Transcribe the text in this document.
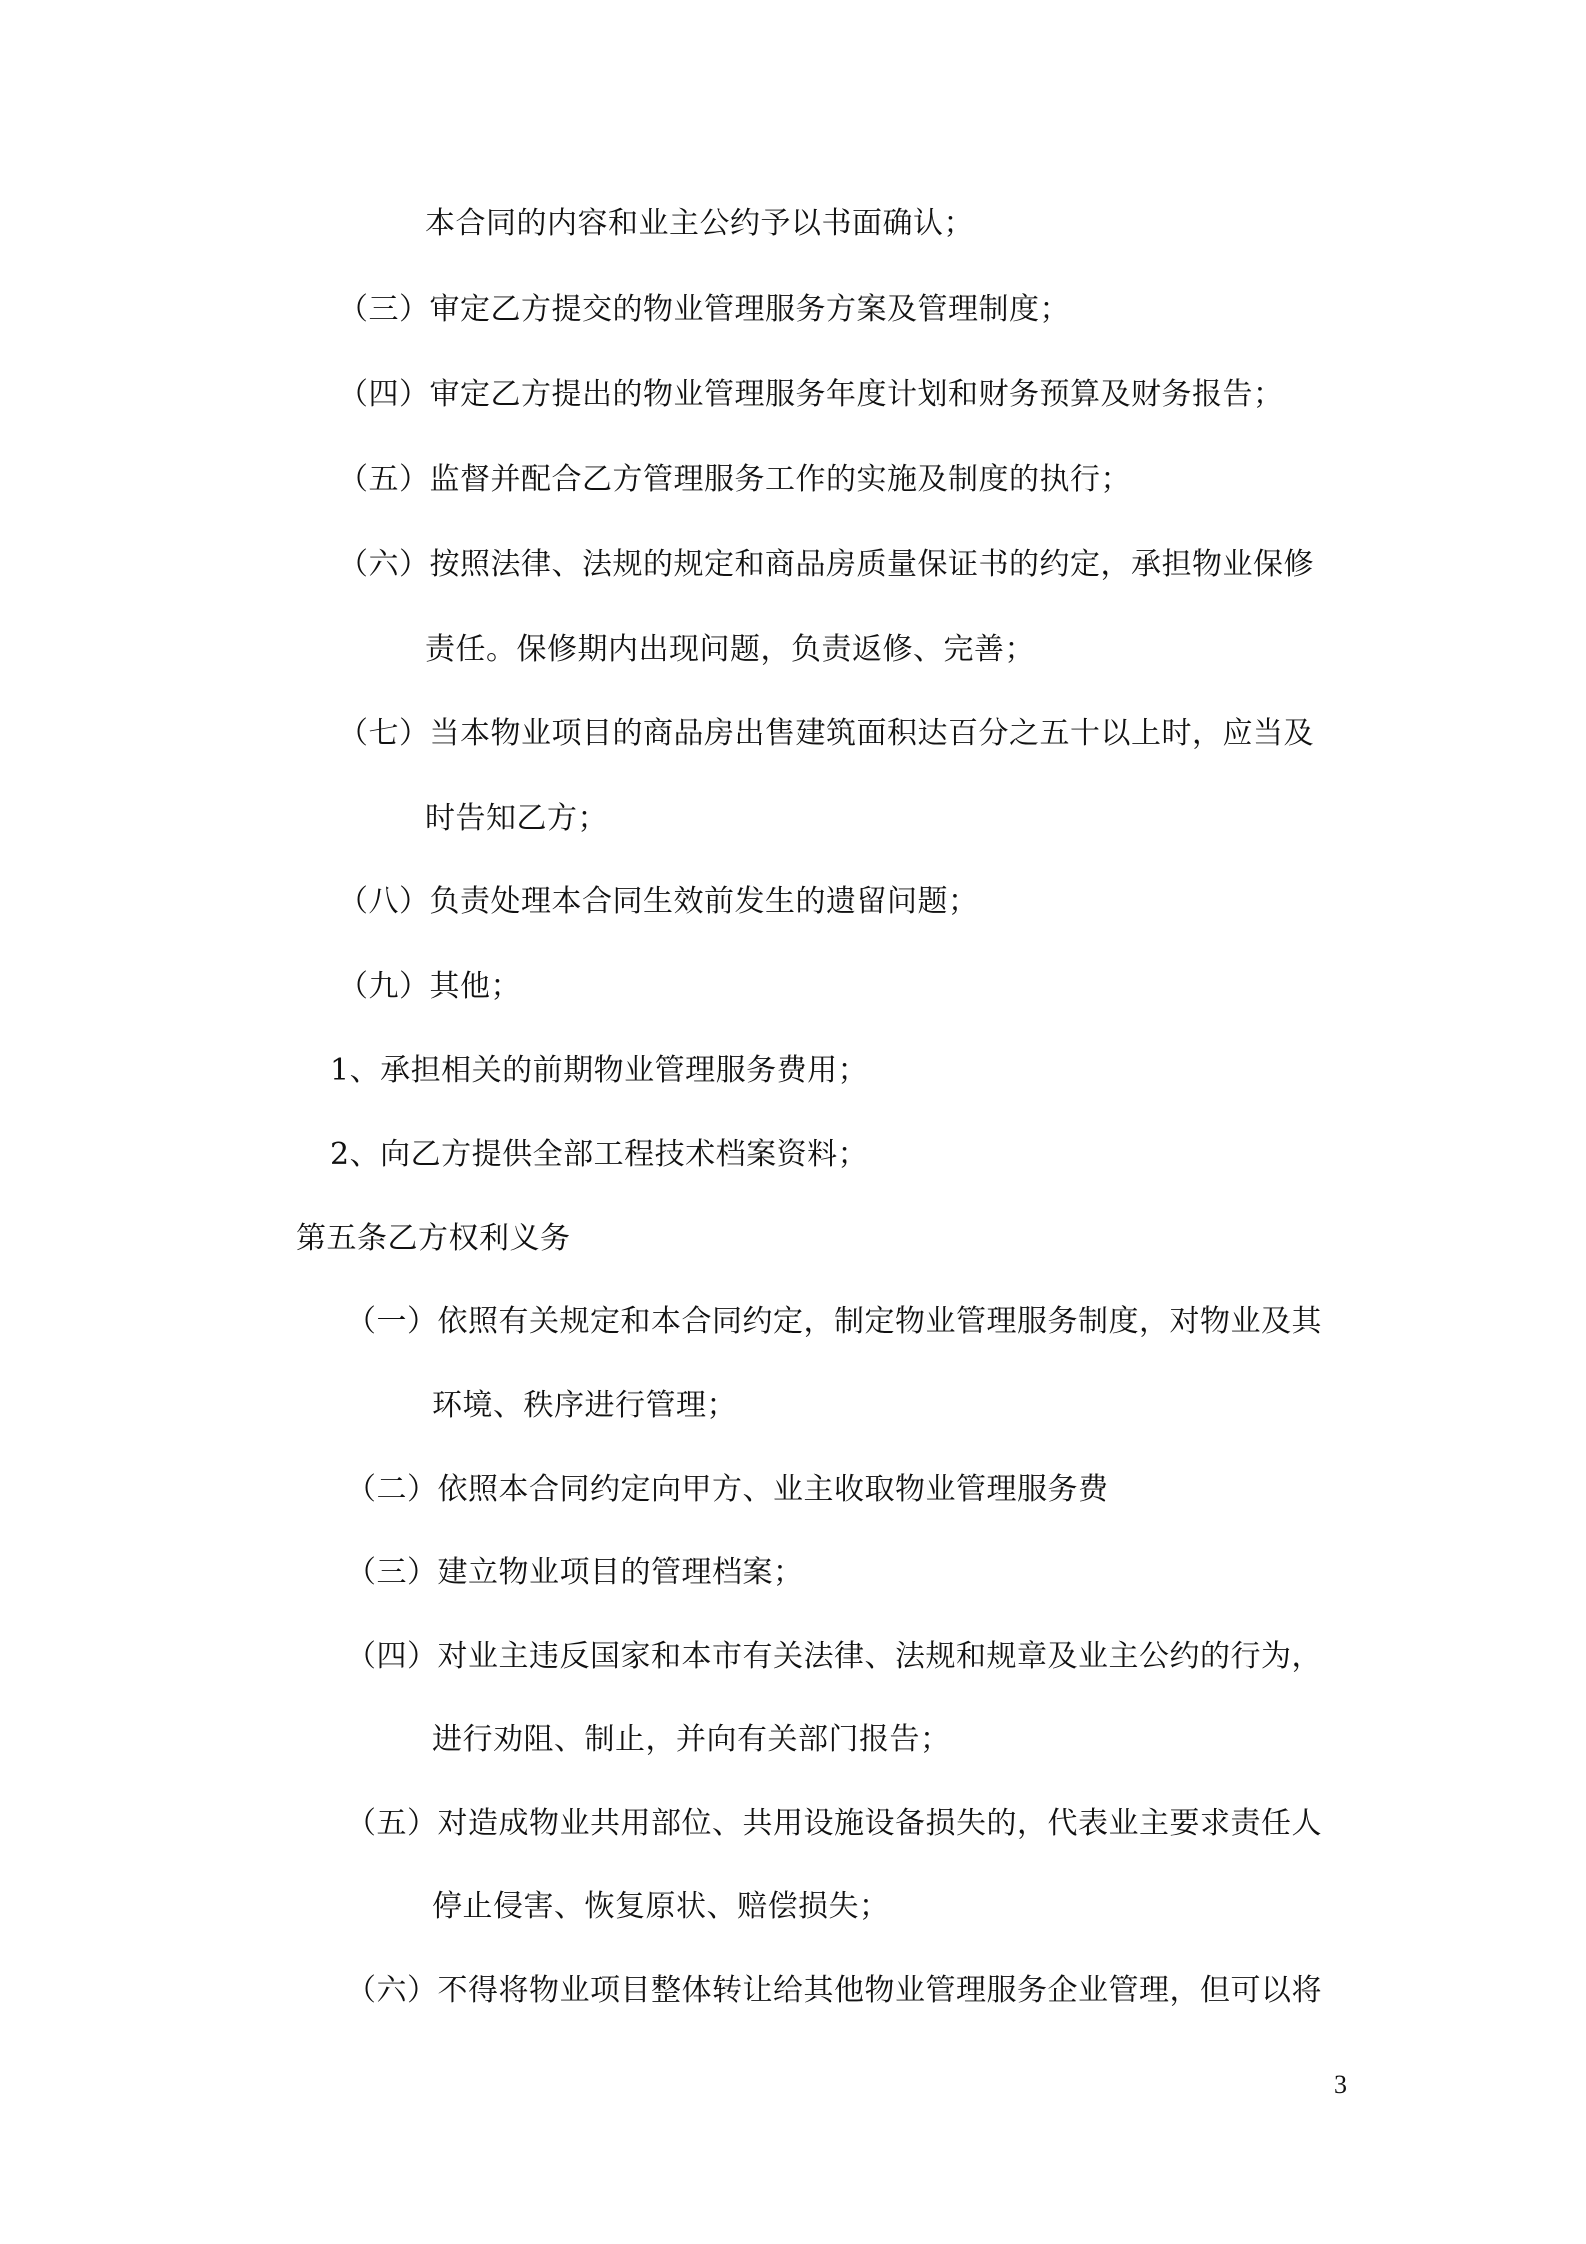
本合同的内容和业主公约予以书面确认；
（三）审定乙方提交的物业管理服务方案及管理制度；
（四）审定乙方提出的物业管理服务年度计划和财务预算及财务报告；
（五）监督并配合乙方管理服务工作的实施及制度的执行；
（六）按照法律、法规的规定和商品房质量保证书的约定，承担物业保修
责任。保修期内出现问题，负责返修、完善；
（七）当本物业项目的商品房出售建筑面积达百分之五十以上时，应当及
时告知乙方；
（八）负责处理本合同生效前发生的遗留问题；
（九）其他；
1、承担相关的前期物业管理服务费用；
2、向乙方提供全部工程技术档案资料；
第五条乙方权利义务
（一）依照有关规定和本合同约定，制定物业管理服务制度，对物业及其
环境、秩序进行管理；
（二）依照本合同约定向甲方、业主收取物业管理服务费
（三）建立物业项目的管理档案；
（四）对业主违反国家和本市有关法律、法规和规章及业主公约的行为，
进行劝阻、制止，并向有关部门报告；
（五）对造成物业共用部位、共用设施设备损失的，代表业主要求责任人
停止侵害、恢复原状、赔偿损失；
（六）不得将物业项目整体转让给其他物业管理服务企业管理，但可以将
3
